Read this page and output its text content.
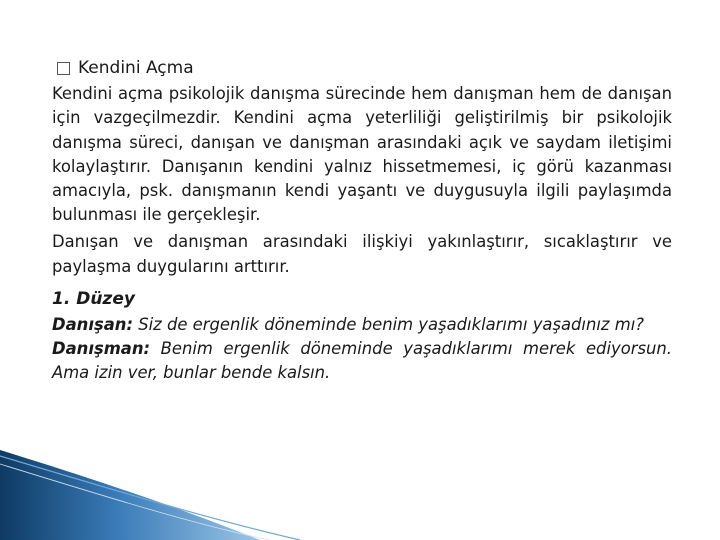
Kendini Açma

Kendini açma psikolojik danışma sürecinde hem danışman hem de danışan için vazgeçilmezdir. Kendini açma yeterliliği geliştirilmiş bir psikolojik danışma süreci, danışan ve danışman arasındaki açık ve saydam iletişimi kolaylaştırır. Danışanın kendini yalnız hissetmemesi, iç görü kazanması amacıyla, psk. danışmanın kendi yaşantı ve duygusuyla ilgili paylaşımda bulunması ile gerçekleşir.

Danışan ve danışman arasındaki ilişkiyi yakınlaştırır, sıcaklaştırır ve paylaşma duygularını arttırır.

1. Düzey

Danışan: Siz de ergenlik döneminde benim yaşadıklarımı yaşadınız mı?

Danışman: Benim ergenlik döneminde yaşadıklarımı merek ediyorsun. Ama izin ver, bunlar bende kalsın.
